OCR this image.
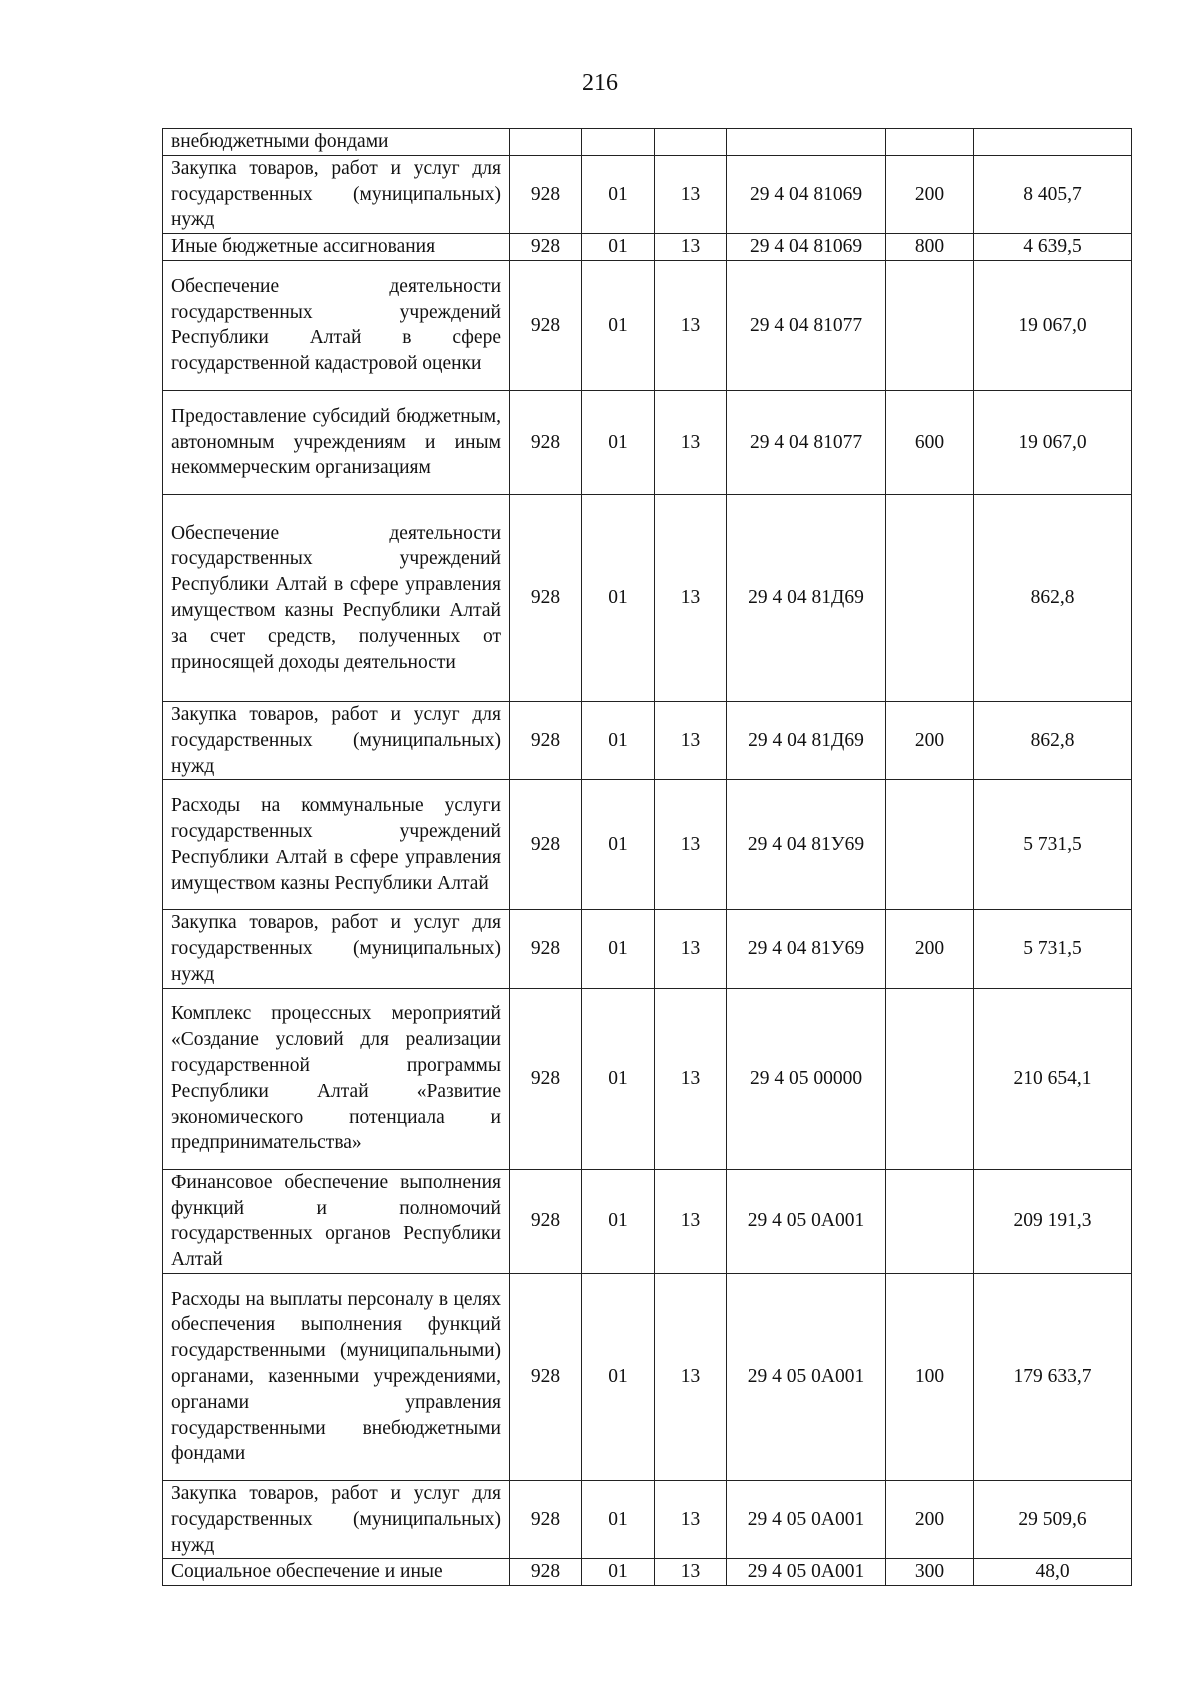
216
внебюджетными фондами						
Закупка товаров, работ и услуг для государственных (муниципальных) нужд	928	01	13	29 4 04 81069	200	8 405,7
Иные бюджетные ассигнования	928	01	13	29 4 04 81069	800	4 639,5
Обеспечение деятельности государственных учреждений Республики Алтай в сфере государственной кадастровой оценки	928	01	13	29 4 04 81077		19 067,0
Предоставление субсидий бюджетным, автономным учреждениям и иным некоммерческим организациям	928	01	13	29 4 04 81077	600	19 067,0
Обеспечение деятельности государственных учреждений Республики Алтай в сфере управления имуществом казны Республики Алтай за счет средств, полученных от приносящей доходы деятельности	928	01	13	29 4 04 81Д69		862,8
Закупка товаров, работ и услуг для государственных (муниципальных) нужд	928	01	13	29 4 04 81Д69	200	862,8
Расходы на коммунальные услуги государственных учреждений Республики Алтай в сфере управления имуществом казны Республики Алтай	928	01	13	29 4 04 81У69		5 731,5
Закупка товаров, работ и услуг для государственных (муниципальных) нужд	928	01	13	29 4 04 81У69	200	5 731,5
Комплекс процессных мероприятий «Создание условий для реализации государственной программы Республики Алтай «Развитие экономического потенциала и предпринимательства»	928	01	13	29 4 05 00000		210 654,1
Финансовое обеспечение выполнения функций и полномочий государственных органов Республики Алтай	928	01	13	29 4 05 0А001		209 191,3
Расходы на выплаты персоналу в целях обеспечения выполнения функций государственными (муниципальными) органами, казенными учреждениями, органами управления государственными внебюджетными фондами	928	01	13	29 4 05 0А001	100	179 633,7
Закупка товаров, работ и услуг для государственных (муниципальных) нужд	928	01	13	29 4 05 0А001	200	29 509,6
Социальное обеспечение и иные	928	01	13	29 4 05 0А001	300	48,0
